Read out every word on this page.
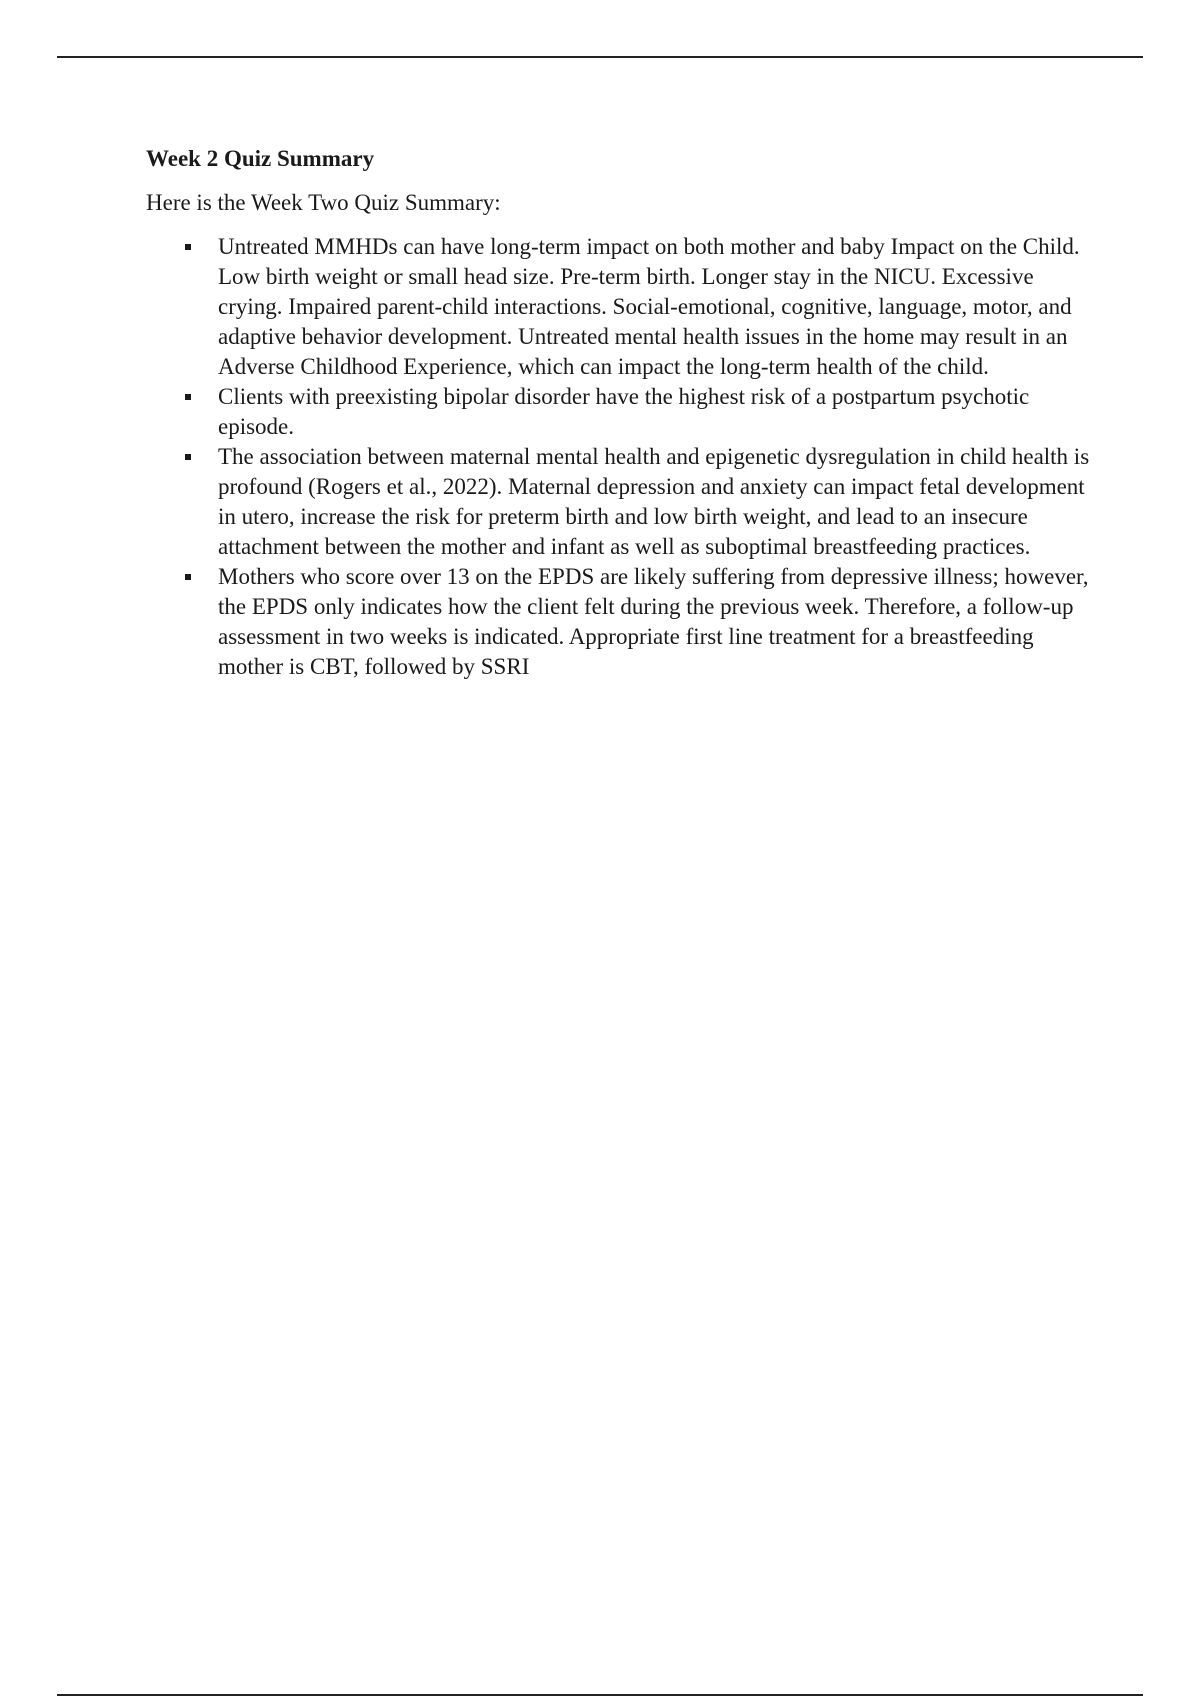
Week 2 Quiz Summary
Here is the Week Two Quiz Summary:
Untreated MMHDs can have long-term impact on both mother and baby Impact on the Child. Low birth weight or small head size. Pre-term birth. Longer stay in the NICU. Excessive crying. Impaired parent-child interactions. Social-emotional, cognitive, language, motor, and adaptive behavior development. Untreated mental health issues in the home may result in an Adverse Childhood Experience, which can impact the long-term health of the child.
Clients with preexisting bipolar disorder have the highest risk of a postpartum psychotic episode.
The association between maternal mental health and epigenetic dysregulation in child health is profound (Rogers et al., 2022). Maternal depression and anxiety can impact fetal development in utero, increase the risk for preterm birth and low birth weight, and lead to an insecure attachment between the mother and infant as well as suboptimal breastfeeding practices.
Mothers who score over 13 on the EPDS are likely suffering from depressive illness; however, the EPDS only indicates how the client felt during the previous week. Therefore, a follow-up assessment in two weeks is indicated. Appropriate first line treatment for a breastfeeding mother is CBT, followed by SSRI
